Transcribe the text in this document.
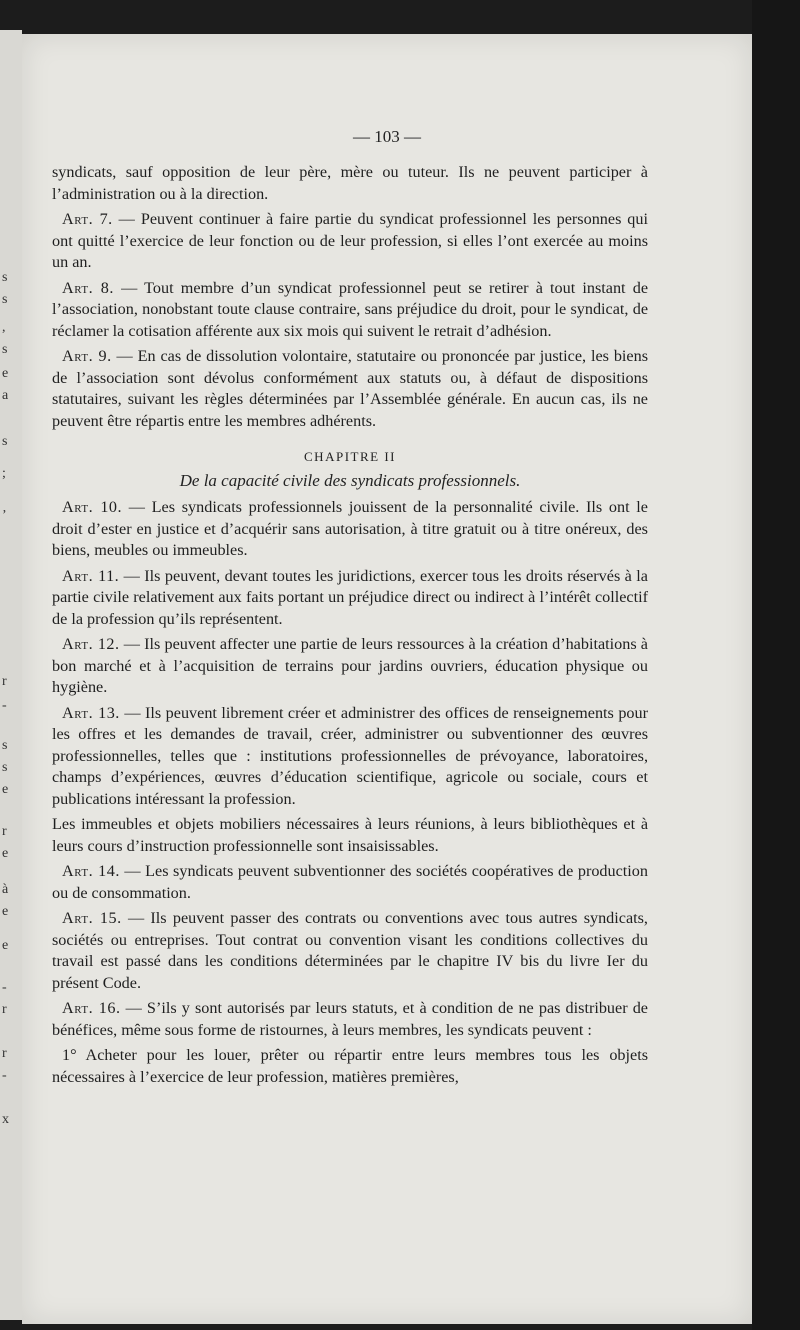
s
s
,
s
e
a
s
;
’
r
-
s
s
e
r
e
à
e
e
-
r
r
-
x
— 103 —

syndicats, sauf opposition de leur père, mère ou tuteur. Ils ne peuvent participer à l’administration ou à la direction.

Art. 7. — Peuvent continuer à faire partie du syndicat professionnel les personnes qui ont quitté l’exercice de leur fonction ou de leur profession, si elles l’ont exercée au moins un an.

Art. 8. — Tout membre d’un syndicat professionnel peut se retirer à tout instant de l’association, nonobstant toute clause contraire, sans préjudice du droit, pour le syndicat, de réclamer la cotisation afférente aux six mois qui suivent le retrait d’adhésion.

Art. 9. — En cas de dissolution volontaire, statutaire ou prononcée par justice, les biens de l’association sont dévolus conformément aux statuts ou, à défaut de dispositions statutaires, suivant les règles déterminées par l’Assemblée générale. En aucun cas, ils ne peuvent être répartis entre les membres adhérents.

CHAPITRE II
De la capacité civile des syndicats professionnels.

Art. 10. — Les syndicats professionnels jouissent de la personnalité civile. Ils ont le droit d’ester en justice et d’acquérir sans autorisation, à titre gratuit ou à titre onéreux, des biens, meubles ou immeubles.

Art. 11. — Ils peuvent, devant toutes les juridictions, exercer tous les droits réservés à la partie civile relativement aux faits portant un préjudice direct ou indirect à l’intérêt collectif de la profession qu’ils représentent.

Art. 12. — Ils peuvent affecter une partie de leurs ressources à la création d’habitations à bon marché et à l’acquisition de terrains pour jardins ouvriers, éducation physique ou hygiène.

Art. 13. — Ils peuvent librement créer et administrer des offices de renseignements pour les offres et les demandes de travail, créer, administrer ou subventionner des œuvres professionnelles, telles que : institutions professionnelles de prévoyance, laboratoires, champs d’expériences, œuvres d’éducation scientifique, agricole ou sociale, cours et publications intéressant la profession.

Les immeubles et objets mobiliers nécessaires à leurs réunions, à leurs bibliothèques et à leurs cours d’instruction professionnelle sont insaisissables.

Art. 14. — Les syndicats peuvent subventionner des sociétés coopératives de production ou de consommation.

Art. 15. — Ils peuvent passer des contrats ou conventions avec tous autres syndicats, sociétés ou entreprises. Tout contrat ou convention visant les conditions collectives du travail est passé dans les conditions déterminées par le chapitre IV bis du livre Ier du présent Code.

Art. 16. — S’ils y sont autorisés par leurs statuts, et à condition de ne pas distribuer de bénéfices, même sous forme de ristournes, à leurs membres, les syndicats peuvent :

1° Acheter pour les louer, prêter ou répartir entre leurs membres tous les objets nécessaires à l’exercice de leur profession, matières premières,
